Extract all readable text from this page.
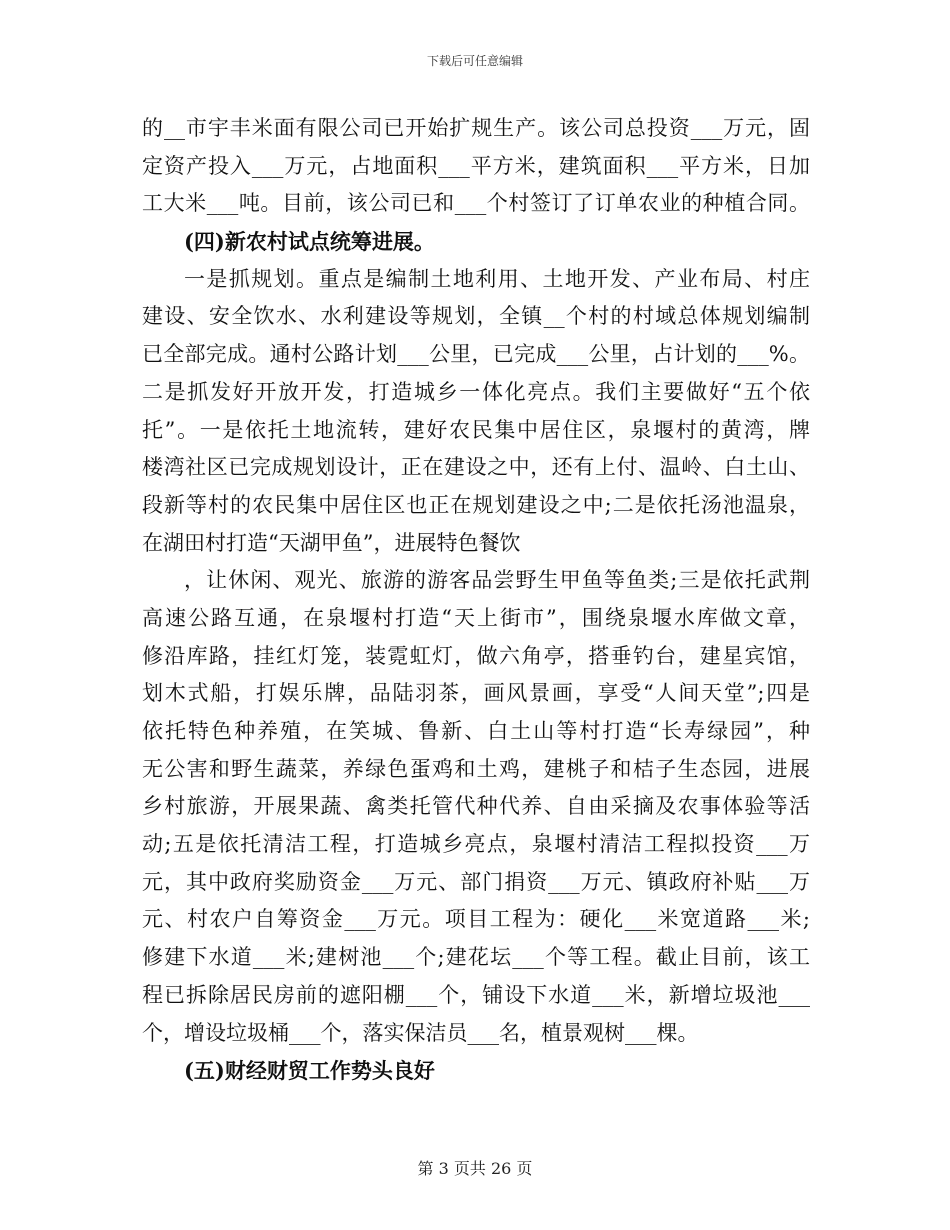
下载后可任意编辑
的__市宇丰米面有限公司已开始扩规生产。该公司总投资___万元，固
定资产投入___万元，占地面积___平方米，建筑面积___平方米，日加
工大米___吨。目前，该公司已和___个村签订了订单农业的种植合同。
(四)新农村试点统筹进展。
一是抓规划。重点是编制土地利用、土地开发、产业布局、村庄
建设、安全饮水、水利建设等规划，全镇__个村的村域总体规划编制
已全部完成。通村公路计划___公里，已完成___公里，占计划的___%。
二是抓发好开放开发，打造城乡一体化亮点。我们主要做好“五个依
托”。一是依托土地流转，建好农民集中居住区，泉堰村的黄湾，牌
楼湾社区已完成规划设计，正在建设之中，还有上付、温岭、白土山、
段新等村的农民集中居住区也正在规划建设之中;二是依托汤池温泉，
在湖田村打造“天湖甲鱼”，进展特色餐饮
，让休闲、观光、旅游的游客品尝野生甲鱼等鱼类;三是依托武荆
高速公路互通，在泉堰村打造“天上街市”，围绕泉堰水库做文章，
修沿库路，挂红灯笼，装霓虹灯，做六角亭，搭垂钓台，建星宾馆，
划木式船，打娱乐牌，品陆羽茶，画风景画，享受“人间天堂”;四是
依托特色种养殖，在笑城、鲁新、白土山等村打造“长寿绿园”，种
无公害和野生蔬菜，养绿色蛋鸡和土鸡，建桃子和桔子生态园，进展
乡村旅游，开展果蔬、禽类托管代种代养、自由采摘及农事体验等活
动;五是依托清洁工程，打造城乡亮点，泉堰村清洁工程拟投资___万
元，其中政府奖励资金___万元、部门捐资___万元、镇政府补贴___万
元、村农户自筹资金___万元。项目工程为：硬化___米宽道路___米;
修建下水道___米;建树池___个;建花坛___个等工程。截止目前，该工
程已拆除居民房前的遮阳棚___个，铺设下水道___米，新增垃圾池___
个，增设垃圾桶___个，落实保洁员___名，植景观树___棵。
(五)财经财贸工作势头良好
第 3 页共 26 页
